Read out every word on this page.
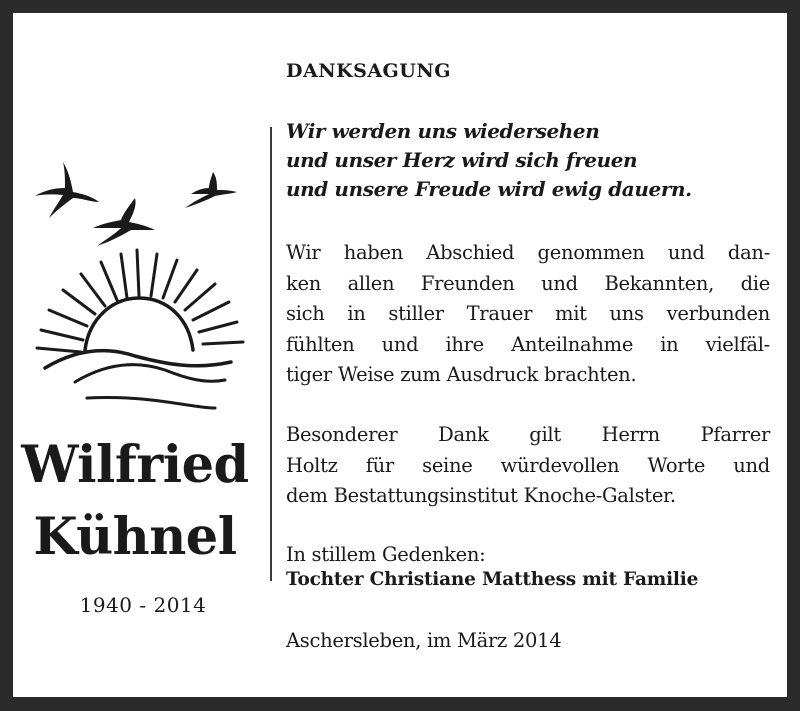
Wilfried
Kühnel
1940 - 2014
DANKSAGUNG
Wir werden uns wiedersehen
und unser Herz wird sich freuen
und unsere Freude wird ewig dauern.
Wir haben Abschied genommen und dan-
ken allen Freunden und Bekannten, die
sich in stiller Trauer mit uns verbunden
fühlten und ihre Anteilnahme in vielfäl-
tiger Weise zum Ausdruck brachten.
Besonderer Dank gilt Herrn Pfarrer
Holtz für seine würdevollen Worte und
dem Bestattungsinstitut Knoche-Galster.
In stillem Gedenken:
Tochter Christiane Matthess mit Familie
Aschersleben, im März 2014
